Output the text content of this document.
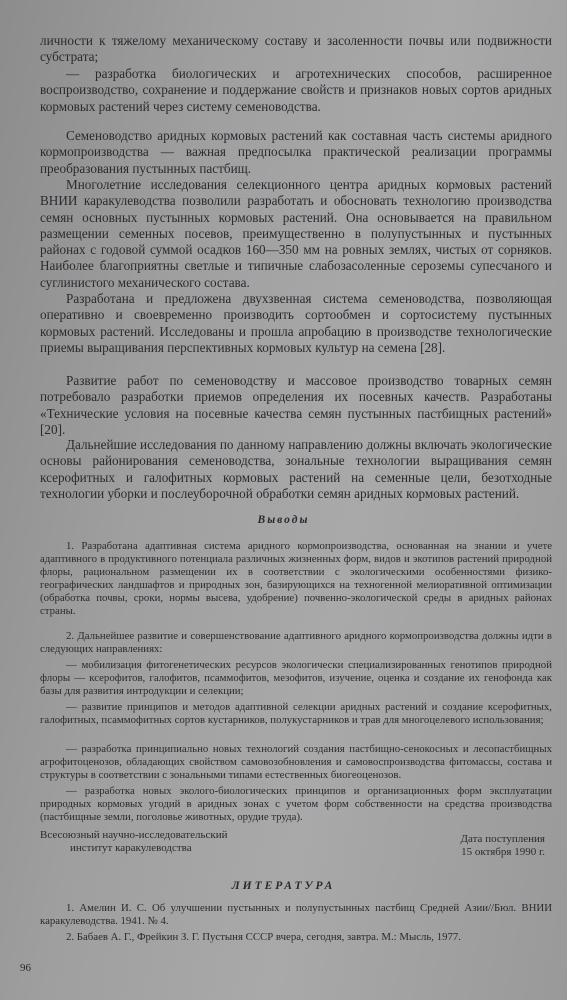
личности к тяжелому механическому составу и засоленности почвы или подвижности субстрата;

— разработка биологических и агротехнических способов, расширенное воспроизводство, сохранение и поддержание свойств и признаков новых сортов аридных кормовых растений через систему семеноводства.

Семеноводство аридных кормовых растений как составная часть системы аридного кормопроизводства — важная предпосылка практической реализации программы преобразования пустынных пастбищ.

Многолетние исследования селекционного центра аридных кормовых растений ВНИИ каракулеводства позволили разработать и обосновать технологию производства семян основных пустынных кормовых растений. Она основывается на правильном размещении семенных посевов, преимущественно в полупустынных и пустынных районах с годовой суммой осадков 160—350 мм на ровных землях, чистых от сорняков. Наиболее благоприятны светлые и типичные слабозасоленные сероземы супесчаного и суглинистого механического состава.

Разработана и предложена двухзвенная система семеноводства, позволяющая оперативно и своевременно производить сортообмен и сортосистему пустынных кормовых растений. Исследованы и прошла апробацию в производстве технологические приемы выращивания перспективных кормовых культур на семена [28].

Развитие работ по семеноводству и массовое производство товарных семян потребовало разработки приемов определения их посевных качеств. Разработаны «Технические условия на посевные качества семян пустынных пастбищных растений» [20].

Дальнейшие исследования по данному направлению должны включать экологические основы районирования семеноводства, зональные технологии выращивания семян ксерофитных и галофитных кормовых растений на семенные цели, безотходные технологии уборки и послеуборочной обработки семян аридных кормовых растений.

Выводы

1. Разработана адаптивная система аридного кормопроизводства, основанная на знании и учете адаптивного в продуктивного потенциала различных жизненных форм, видов и экотипов растений природной флоры, рациональном размещении их в соответствии с экологическими особенностями физико-географических ландшафтов и природных зон, базирующихся на техногенной мелиоративной оптимизации (обработка почвы, сроки, нормы высева, удобрение) почвенно-экологической среды в аридных районах страны.

2. Дальнейшее развитие и совершенствование адаптивного аридного кормопроизводства должны идти в следующих направлениях:

— мобилизация фитогенетических ресурсов экологически специализированных генотипов природной флоры — ксерофитов, галофитов, псаммофитов, мезофитов, изучение, оценка и создание их генофонда как базы для развития интродукции и селекции;

— развитие принципов и методов адаптивной селекции аридных растений и создание ксерофитных, галофитных, псаммофитных сортов кустарников, полукустарников и трав для многоцелевого использования;

— разработка принципиально новых технологий создания пастбищно-сенокосных и лесопастбищных агрофитоценозов, обладающих свойством самовозобновления и самовоспроизводства фитомассы, состава и структуры в соответствии с зональными типами естественных биогеоценозов.

— разработка новых эколого-биологических принципов и организационных форм эксплуатации природных кормовых угодий в аридных зонах с учетом форм собственности на средства производства (пастбищные земли, поголовье животных, орудие труда).

Всесоюзный научно-исследовательский
институт каракулеводства
Дата поступления
15 октября 1990 г.
ЛИТЕРАТУРА

1. Амелин И. С. Об улучшении пустынных и полупустынных пастбищ Средней Азии//Бюл. ВНИИ каракулеводства. 1941. № 4.

2. Бабаев А. Г., Фрейкин З. Г. Пустыня СССР вчера, сегодня, завтра. М.: Мысль, 1977.

96
